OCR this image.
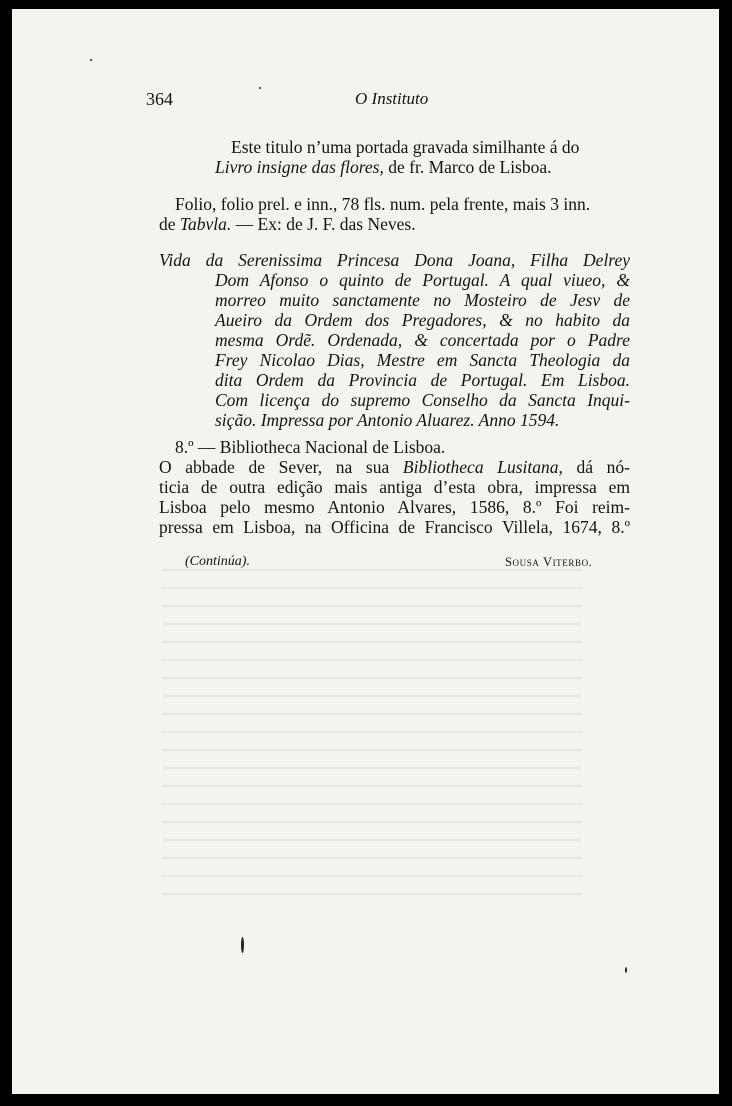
364	O Instituto
Este titulo n’uma portada gravada similhante á do
Livro insigne das flores, de fr. Marco de Lisboa.
Folio, folio prel. e inn., 78 fls. num. pela frente, mais 3 inn.
de Tabvla. — Ex: de J. F. das Neves.
Vida da Serenissima Princesa Dona Joana, Filha Delrey
Dom Afonso o quinto de Portugal. A qual viueo, &
morreo muito sanctamente no Mosteiro de Jesv de
Aueiro da Ordem dos Pregadores, & no habito da
mesma Ordẽ. Ordenada, & concertada por o Padre
Frey Nicolao Dias, Mestre em Sancta Theologia da
dita Ordem da Provincia de Portugal. Em Lisboa.
Com licença do supremo Conselho da Sancta Inqui-
sição. Impressa por Antonio Aluarez. Anno 1594.
8.º — Bibliotheca Nacional de Lisboa.
O abbade de Sever, na sua Bibliotheca Lusitana, dá nó-
ticia de outra edição mais antiga d’esta obra, impressa em
Lisboa pelo mesmo Antonio Alvares, 1586, 8.º Foi reim-
pressa em Lisboa, na Officina de Francisco Villela, 1674, 8.º
(Continúa).	Sousa Viterbo.
